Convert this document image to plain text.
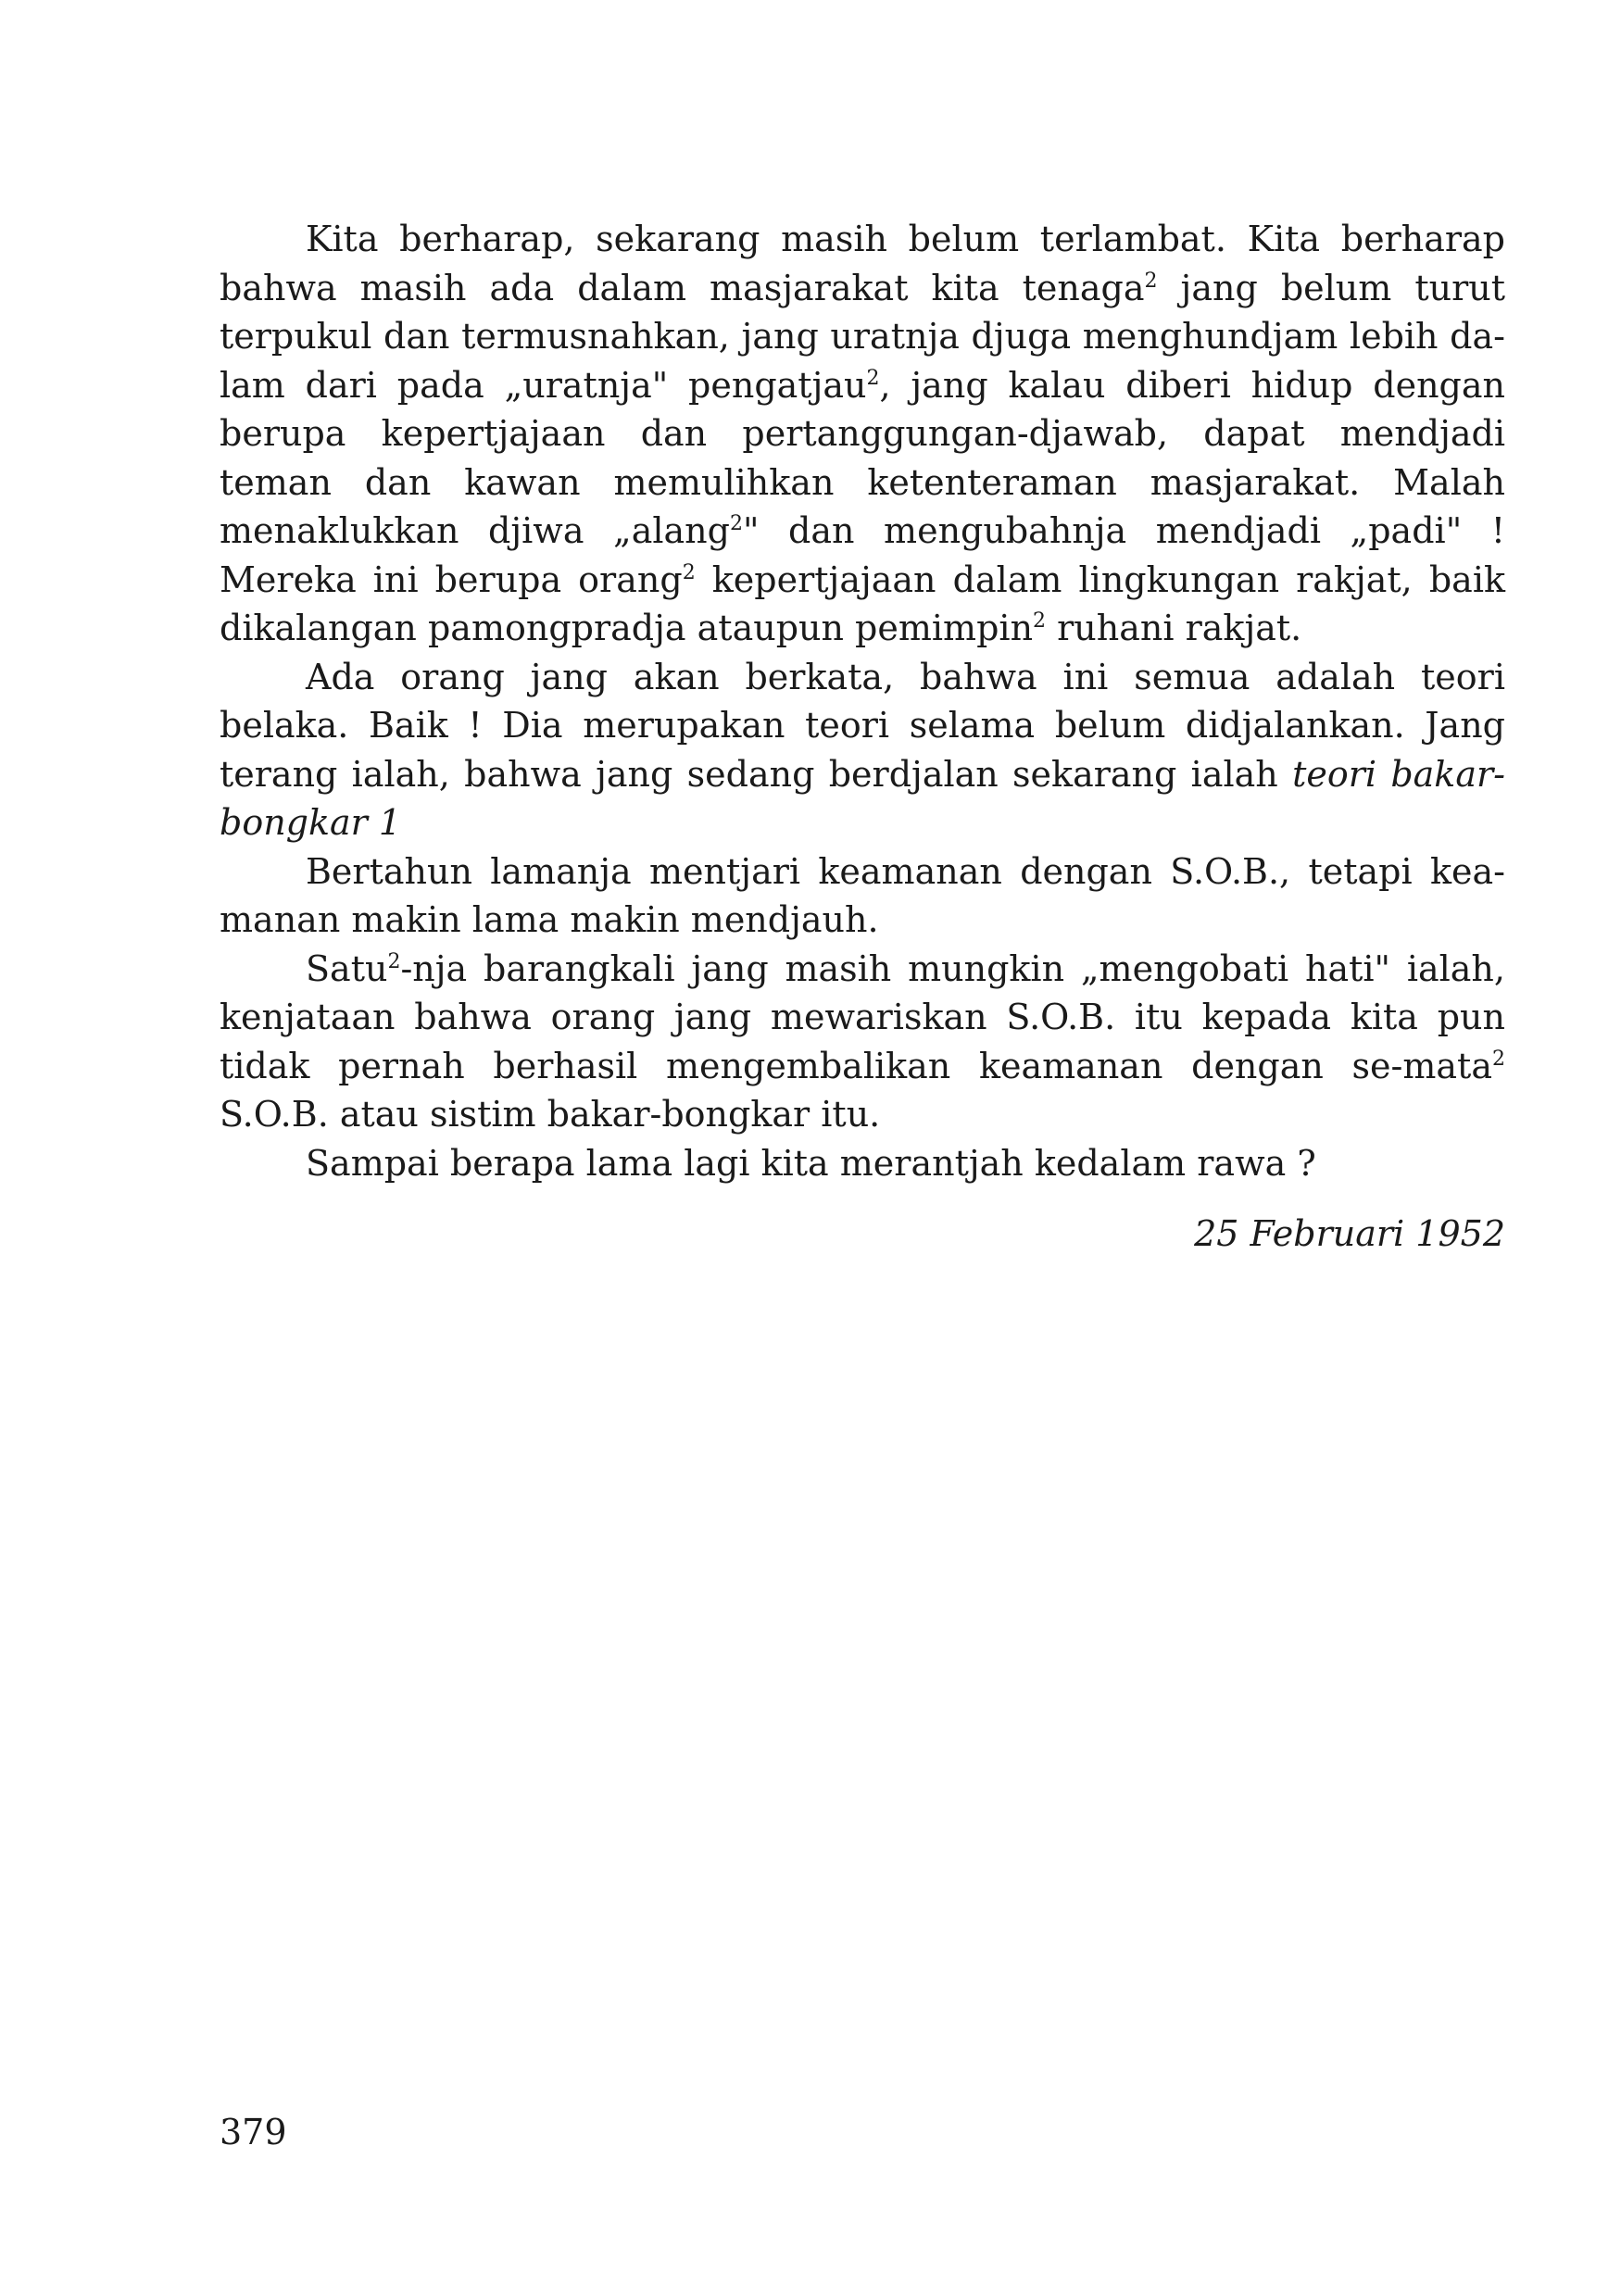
Kita berharap, sekarang masih belum terlambat. Kita berharap bahwa masih ada dalam masjarakat kita tenaga$^2$ jang belum turut terpukul dan termusnahkan, jang uratnja djuga menghundjam lebih dalam dari pada „uratnja" pengatjau$^2$, jang kalau diberi hidup dengan berupa kepertjajaan dan pertanggungan-djawab, dapat mendjadi teman dan kawan memulihkan ketenteraman masjarakat. Malah menaklukkan djiwa „alang$^2$" dan mengubahnja mendjadi „padi" ! Mereka ini berupa orang$^2$ kepertjajaan dalam lingkungan rakjat, baik dikalangan pamongpradja ataupun pemimpin$^2$ ruhani rakjat.

Ada orang jang akan berkata, bahwa ini semua adalah teori belaka. Baik ! Dia merupakan teori selama belum didjalankan. Jang terang ialah, bahwa jang sedang berdjalan sekarang ialah teori bakar-bongkar 1

Bertahun lamanja mentjari keamanan dengan S.O.B., tetapi keamanan makin lama makin mendjauh.

Satu$^2$-nja barangkali jang masih mungkin „mengobati hati" ialah, kenjataan bahwa orang jang mewariskan S.O.B. itu kepada kita pun tidak pernah berhasil mengembalikan keamanan dengan se-mata$^2$ S.O.B. atau sistim bakar-bongkar itu.

Sampai berapa lama lagi kita merantjah kedalam rawa ?

25 Februari 1952
379
